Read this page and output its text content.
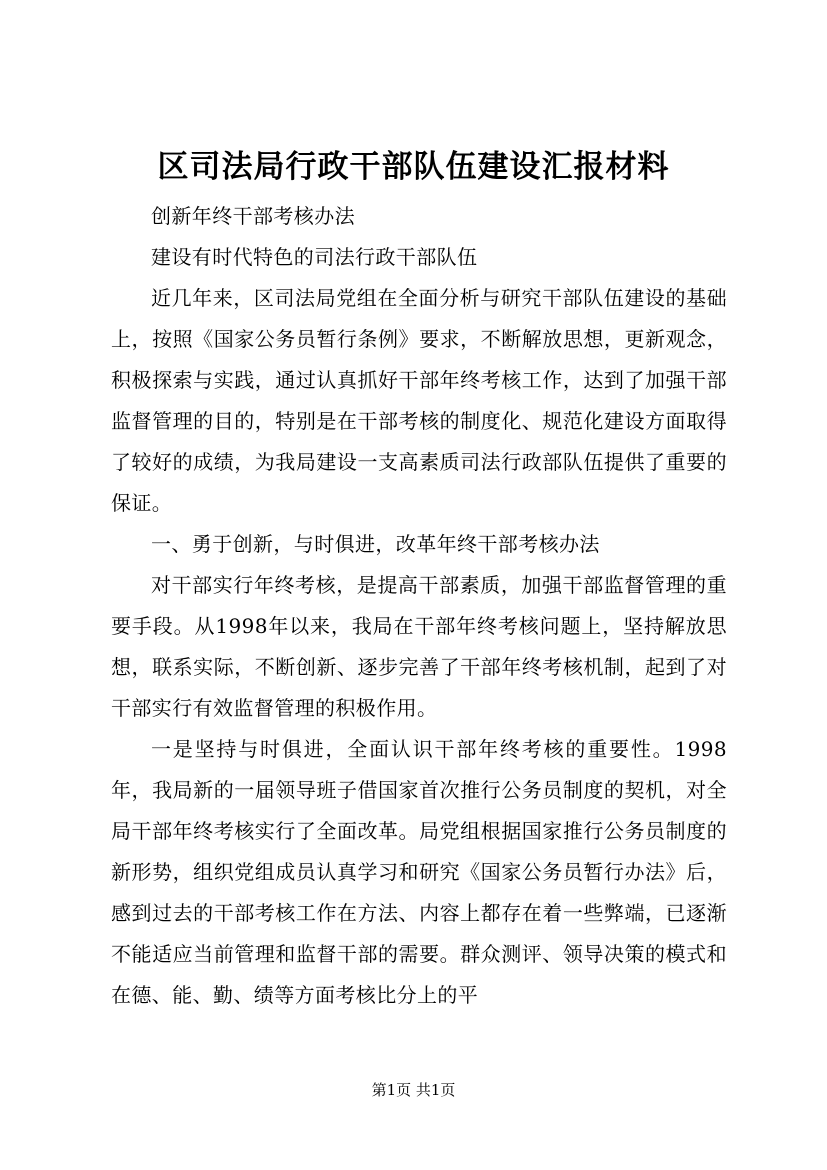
区司法局行政干部队伍建设汇报材料

创新年终干部考核办法

建设有时代特色的司法行政干部队伍

近几年来，区司法局党组在全面分析与研究干部队伍建设的基础上，按照《国家公务员暂行条例》要求，不断解放思想，更新观念，积极探索与实践，通过认真抓好干部年终考核工作，达到了加强干部监督管理的目的，特别是在干部考核的制度化、规范化建设方面取得了较好的成绩，为我局建设一支高素质司法行政部队伍提供了重要的保证。

一、勇于创新，与时俱进，改革年终干部考核办法

对干部实行年终考核，是提高干部素质，加强干部监督管理的重要手段。从1998年以来，我局在干部年终考核问题上，坚持解放思想，联系实际，不断创新、逐步完善了干部年终考核机制，起到了对干部实行有效监督管理的积极作用。

一是坚持与时俱进，全面认识干部年终考核的重要性。1998年，我局新的一届领导班子借国家首次推行公务员制度的契机，对全局干部年终考核实行了全面改革。局党组根据国家推行公务员制度的新形势，组织党组成员认真学习和研究《国家公务员暂行办法》后，感到过去的干部考核工作在方法、内容上都存在着一些弊端，已逐渐不能适应当前管理和监督干部的需要。群众测评、领导决策的模式和在德、能、勤、绩等方面考核比分上的平

第1页 共1页
